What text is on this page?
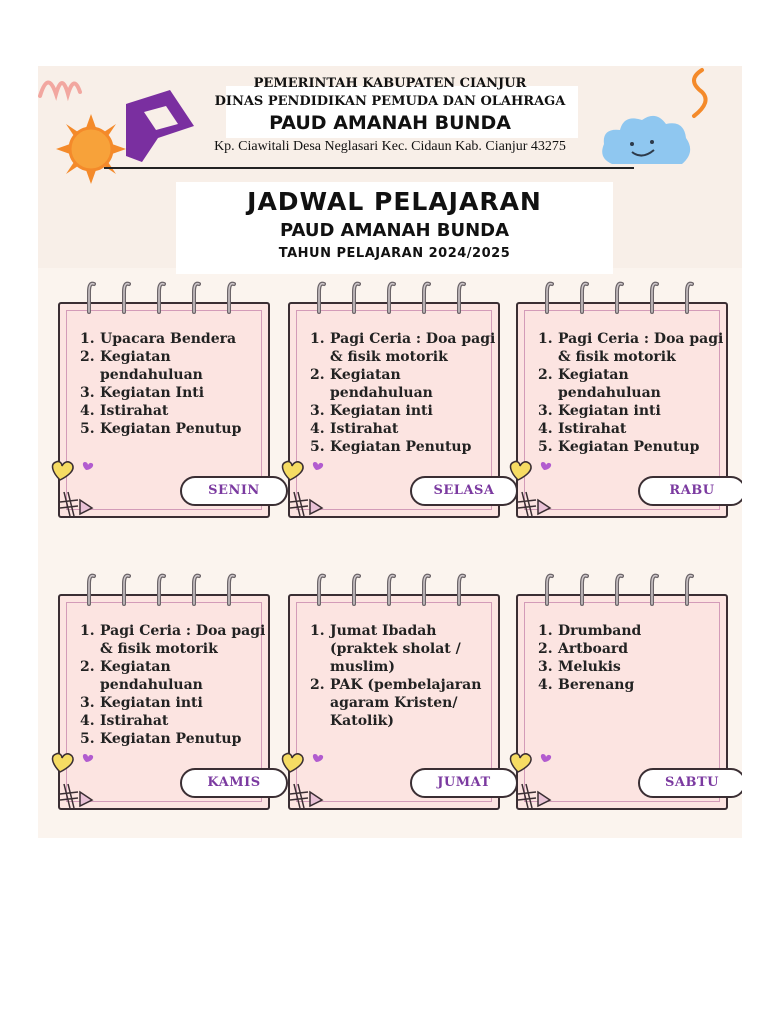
PEMERINTAH KABUPATEN CIANJUR
DINAS PENDIDIKAN PEMUDA DAN OLAHRAGA
PAUD AMANAH BUNDA
Kp. Ciawitali Desa Neglasari Kec. Cidaun Kab. Cianjur 43275
JADWAL PELAJARAN
PAUD AMANAH BUNDA
TAHUN PELAJARAN 2024/2025
1. Upacara Bendera
2. Kegiatan pendahuluan
3. Kegiatan Inti
4. Istirahat
5. Kegiatan Penutup
SENIN
1. Pagi Ceria : Doa pagi & fisik motorik
2. Kegiatan pendahuluan
3. Kegiatan inti
4. Istirahat
5. Kegiatan Penutup
SELASA
1. Pagi Ceria : Doa pagi & fisik motorik
2. Kegiatan pendahuluan
3. Kegiatan inti
4. Istirahat
5. Kegiatan Penutup
RABU
1. Pagi Ceria : Doa pagi & fisik motorik
2. Kegiatan pendahuluan
3. Kegiatan inti
4. Istirahat
5. Kegiatan Penutup
KAMIS
1. Jumat Ibadah (praktek sholat / muslim)
2. PAK (pembelajaran agaram Kristen/ Katolik)
JUMAT
1. Drumband
2. Artboard
3. Melukis
4. Berenang
SABTU
